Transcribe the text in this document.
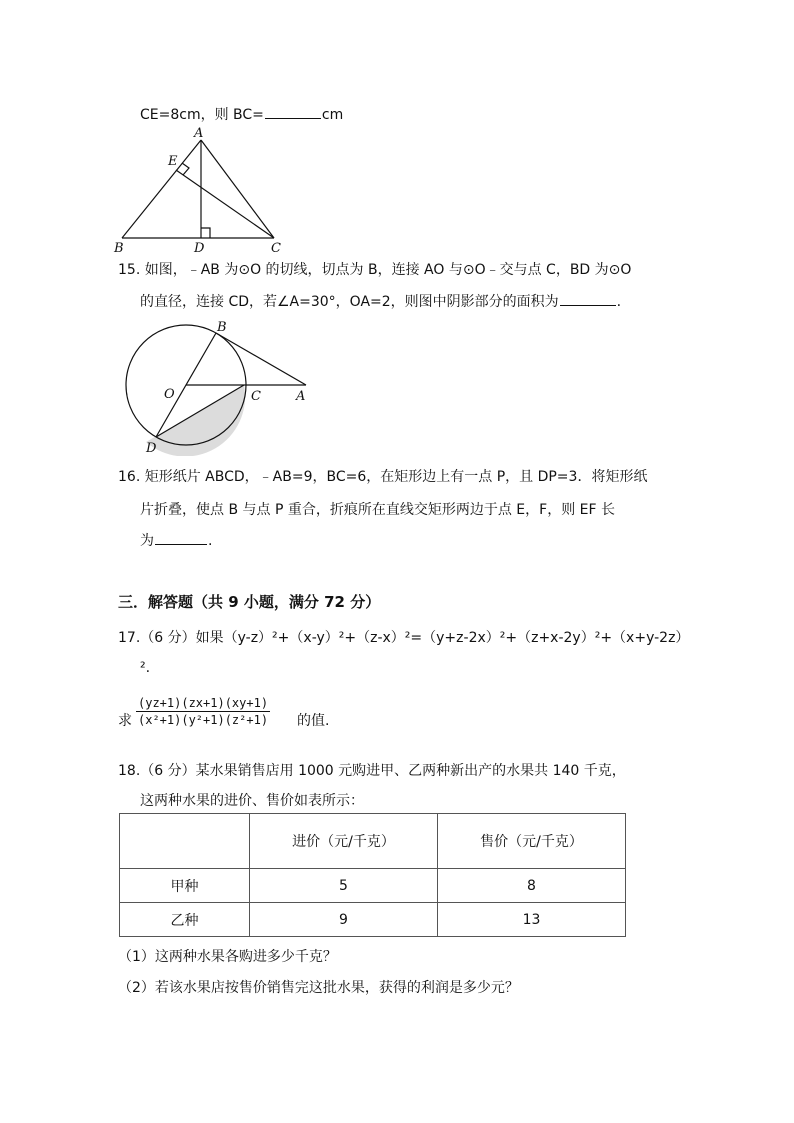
CE=8cm，则 BC=	cm
A
E
B	D	C
15. 如图，﹣AB 为⊙O 的切线，切点为 B，连接 AO 与⊙O﹣交与点 C，BD 为⊙O
的直径，连接 CD，若∠A=30°，OA=2，则图中阴影部分的面积为	.
B
O	C	A
D
16. 矩形纸片 ABCD，﹣AB=9，BC=6，在矩形边上有一点 P，且 DP=3．将矩形纸
片折叠，使点 B 与点 P 重合，折痕所在直线交矩形两边于点 E，F，则 EF 长
为	.
三．解答题（共 9 小题，满分 72 分）
17.（6 分）如果（y-z）²+（x-y）²+（z-x）²=（y+z-2x）²+（z+x-2y）²+（x+y-2z）
².
求 $\frac{(yz+1)(zx+1)(xy+1)}{\text{(x²+1)(y²+1)(z²+1)}}$ 的值.
18.（6 分）某水果销售店用 1000 元购进甲、乙两种新出产的水果共 140 千克，
这两种水果的进价、售价如表所示：
	进价（元/千克）	售价（元/千克）
甲种	5	8
乙种	9	13
（1）这两种水果各购进多少千克？
（2）若该水果店按售价销售完这批水果，获得的利润是多少元？
